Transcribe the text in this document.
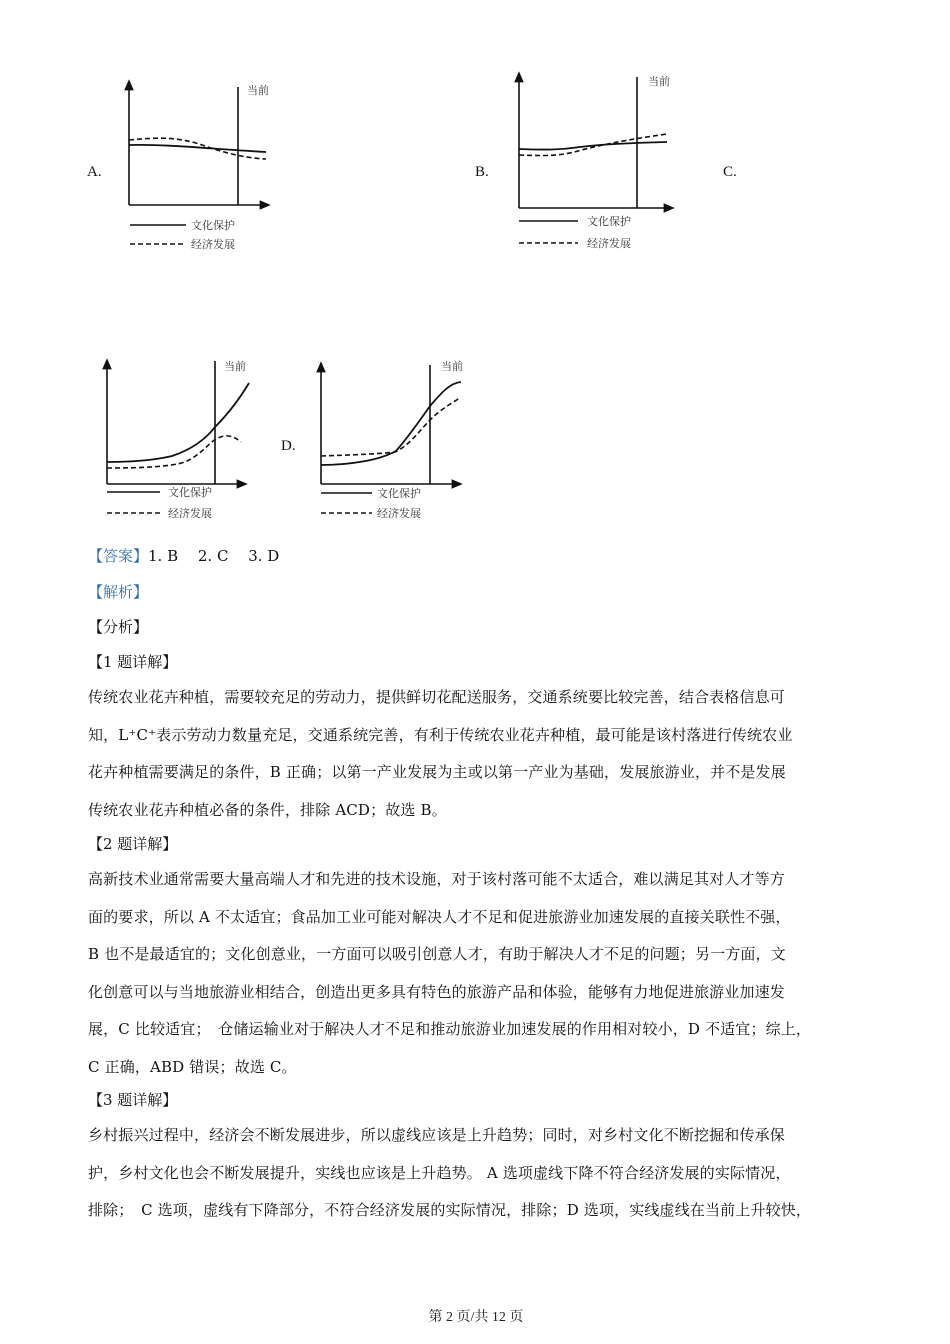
A.	B.	C.
D.
当前
文化保护
经济发展
当前
文化保护
经济发展
当前
文化保护
经济发展
当前
文化保护
经济发展
【答案】1. B　 2. C　 3. D
【解析】
【分析】
【1 题详解】
传统农业花卉种植，需要较充足的劳动力，提供鲜切花配送服务，交通系统要比较完善，结合表格信息可
知，L⁺C⁺表示劳动力数量充足，交通系统完善，有利于传统农业花卉种植，最可能是该村落进行传统农业
花卉种植需要满足的条件，B 正确；以第一产业发展为主或以第一产业为基础，发展旅游业，并不是发展
传统农业花卉种植必备的条件，排除 ACD；故选 B。
【2 题详解】
高新技术业通常需要大量高端人才和先进的技术设施，对于该村落可能不太适合，难以满足其对人才等方
面的要求，所以 A 不太适宜；食品加工业可能对解决人才不足和促进旅游业加速发展的直接关联性不强，
B 也不是最适宜的；文化创意业，一方面可以吸引创意人才，有助于解决人才不足的问题；另一方面，文
化创意可以与当地旅游业相结合，创造出更多具有特色的旅游产品和体验，能够有力地促进旅游业加速发
展，C 比较适宜；　仓储运输业对于解决人才不足和推动旅游业加速发展的作用相对较小，D 不适宜；综上，
C 正确，ABD 错误；故选 C。
【3 题详解】
乡村振兴过程中，经济会不断发展进步，所以虚线应该是上升趋势；同时，对乡村文化不断挖掘和传承保
护，乡村文化也会不断发展提升，实线也应该是上升趋势。 A 选项虚线下降不符合经济发展的实际情况，
排除；　C 选项，虚线有下降部分，不符合经济发展的实际情况，排除；D 选项，实线虚线在当前上升较快，
第 2 页/共 12 页
